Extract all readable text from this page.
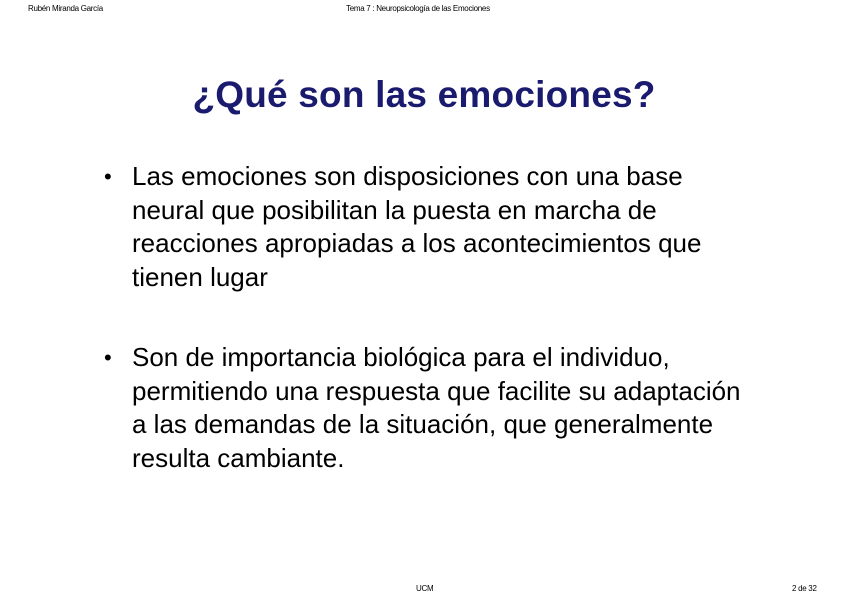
Rubén Miranda García	Tema 7 : Neuropsicología de las Emociones
¿Qué son las emociones?
• Las emociones son disposiciones con una base neural que posibilitan la puesta en marcha de reacciones apropiadas a los acontecimientos que tienen lugar
• Son de importancia biológica para el individuo, permitiendo una respuesta que facilite su adaptación a las demandas de la situación, que generalmente resulta cambiante.
UCM	2 de 32
